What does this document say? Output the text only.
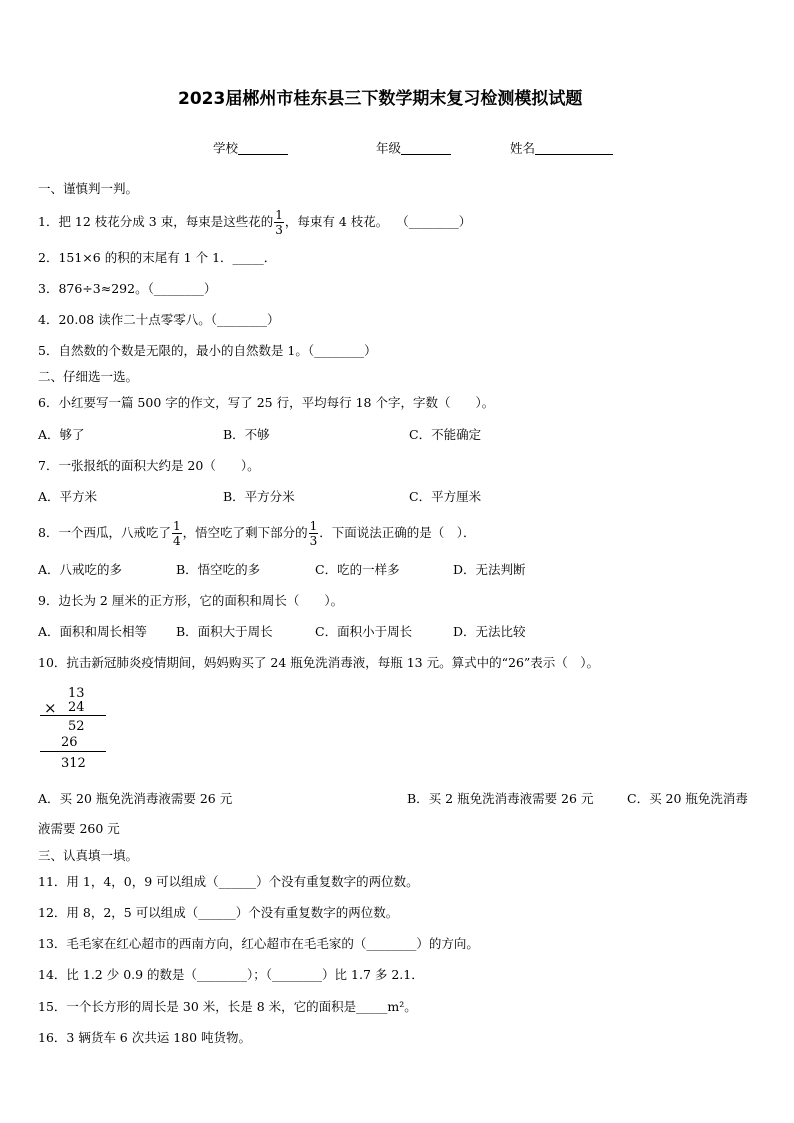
2023届郴州市桂东县三下数学期末复习检测模拟试题
学校	年级	姓名
一、谨慎判一判。
1．把 12 枝花分成 3 束，每束是这些花的 $\frac{1}{3}$ ，每束有 4 枝花。 （________）
2．151×6 的积的末尾有 1 个 1．_____．
3．876÷3≈292。（________）
4．20.08 读作二十点零零八。（________）
5．自然数的个数是无限的，最小的自然数是 1。（________）
二、仔细选一选。
6．小红要写一篇 500 字的作文，写了 25 行，平均每行 18 个字，字数（　　）。
A．够了	B．不够	C．不能确定
7．一张报纸的面积大约是 20（　　）。
A．平方米	B．平方分米	C．平方厘米
8．一个西瓜，八戒吃了 $\frac{1}{4}$ ，悟空吃了剩下部分的 $\frac{1}{3}$ ．下面说法正确的是（　）．
A．八戒吃的多	B．悟空吃的多	C．吃的一样多	D．无法判断
9．边长为 2 厘米的正方形，它的面积和周长（　　）。
A．面积和周长相等 B．面积大于周长	C．面积小于周长	D．无法比较
10．抗击新冠肺炎疫情期间，妈妈购买了 24 瓶免洗消毒液，每瓶 13 元。算式中的“26”表示（　）。
13
× 24
52
26
312
A．买 20 瓶免洗消毒液需要 26 元	B．买 2 瓶免洗消毒液需要 26 元	C．买 20 瓶免洗消毒
液需要 260 元
三、认真填一填。
11．用 1，4，0，9 可以组成（______）个没有重复数字的两位数。
12．用 8，2，5 可以组成（______）个没有重复数字的两位数。
13．毛毛家在红心超市的西南方向，红心超市在毛毛家的（________）的方向。
14．比 1.2 少 0.9 的数是（________）；（________）比 1.7 多 2.1．
15．一个长方形的周长是 30 米，长是 8 米，它的面积是_____m²。
16．3 辆货车 6 次共运 180 吨货物。
